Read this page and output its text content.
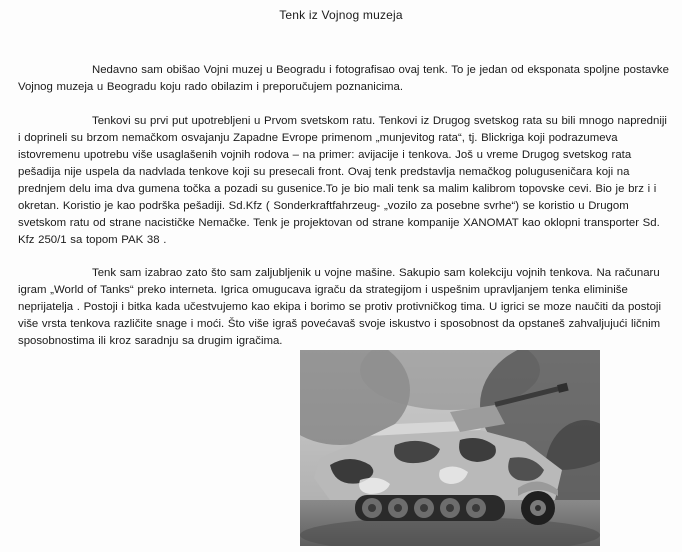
Tenk iz Vojnog muzeja

Nedavno sam obišao Vojni muzej u Beogradu i fotografisao ovaj tenk. To je jedan od eksponata spoljne postavke Vojnog muzeja u Beogradu koju rado obilazim i preporučujem poznanicima.

Tenkovi su prvi put upotrebljeni u Prvom svetskom ratu. Tenkovi iz Drugog svetskog rata su bili mnogo napredniji i doprineli su brzom nemačkom osvajanju Zapadne Evrope primenom „munjevitog rata“, tj. Blickriga koji podrazumeva istovremenu upotrebu više usaglašenih vojnih rodova – na primer: avijacije i tenkova. Još u vreme Drugog svetskog rata pešadija nije uspela da nadvlada tenkove koji su presecali front. Ovaj tenk predstavlja nemačkog polugusеničara koji na prednjem delu ima dva gumena točka a pozadi su gusenice.To je bio mali tenk sa malim kalibrom topovske cevi. Bio je brz i i okretan. Koristio je kao podrška pešadiji. Sd.Kfz ( Sonderkraftfahrzeug- „vozilo za posebne svrhe“) se koristio u Drugom svetskom ratu od strane nacističke Nemačke. Tenk je projektovan od strane kompanije XANOMAT kao oklopni transporter Sd. Kfz 250/1 sa topom PAK 38 .

Tenk sam izabrao zato što sam zaljubljenik u vojne mašine. Sakupio sam kolekciju vojnih tenkova. Na računaru igram „World of Tanks“ preko interneta. Igrica omugucava igraču da strategijom i uspešnim upravljanjem tenka eliminiše neprijatelja . Postoji i bitka kada učestvujemo kao ekipa i borimo se protiv protivničkog tima. U igrici se moze naučiti da postoji više vrsta tenkova različite snage i moći. Što više igraš povećavaš svoje iskustvo i sposobnost da opstaneš zahvaljujući ličnim sposobnostima ili kroz saradnju sa drugim igračima.
